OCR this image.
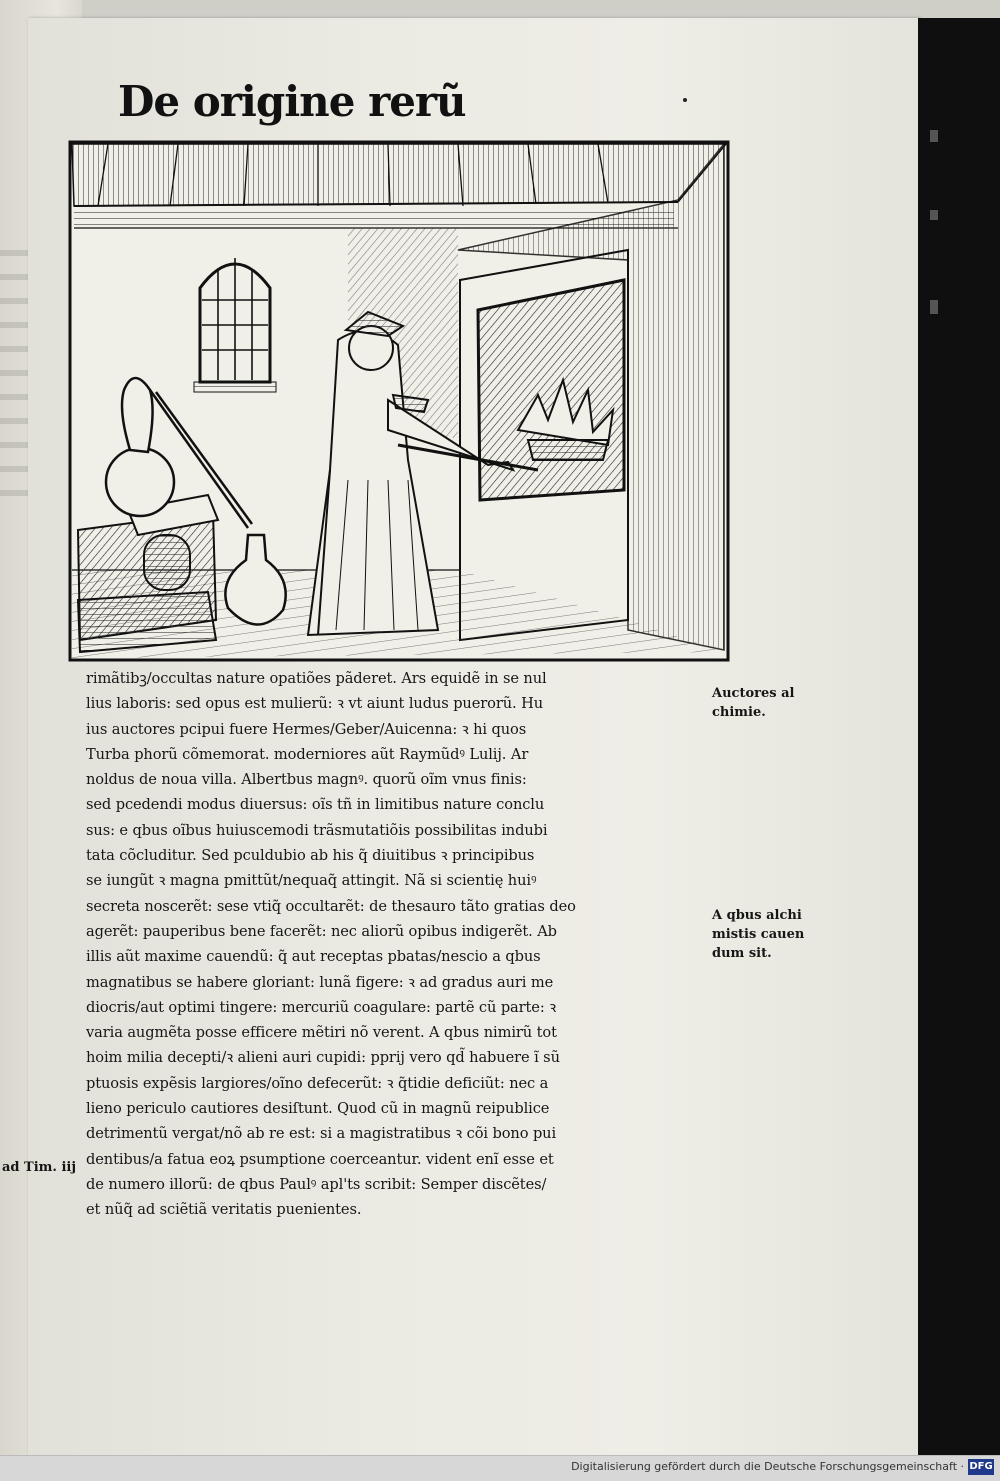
De origine rerũ
rimãtibꝫ/occultas nature opatiões pãderet. Ars equidẽ in se nul
lius laboris: sed opus est mulierũ: ꝛ vt aiunt ludus puerorũ. Hu
ius auctores pcipui fuere Hermes/Geber/Auicenna: ꝛ hi quos
Turba phorũ cõmemorat. moderniores aũt Raymũdꝰ Lulij. Ar
noldus de noua villa. Albertbus magnꝰ. quorũ oĩm vnus finis:
sed pcedendi modus diuersus: oĩs tñ in limitibus nature conclu
sus: e qbus oĩbus huiuscemodi trãsmutatiõis possibilitas indubi
tata cõcluditur. Sed pculdubio ab his q̃ diuitibus ꝛ principibus
se iungũt ꝛ magna pmittũt/nequaq̃ attingit. Nã si scientię huiꝰ
secreta noscerẽt: sese vtiq̃ occultarẽt: de thesauro tãto gratias deo
agerẽt: pauperibus bene facerẽt: nec aliorũ opibus indigerẽt. Ab
illis aũt maxime cauendũ: q̃ aut receptas pbatas/nescio a qbus
magnatibus se habere gloriant: lunã figere: ꝛ ad gradus auri me
diocris/aut optimi tingere: mercuriũ coagulare: partẽ cũ parte: ꝛ
varia augmẽta posse efficere mẽtiri nõ verent. A qbus nimirũ tot
hoim milia decepti/ꝛ alieni auri cupidi: pprij vero qd̃ habuere ĩ sũ
ptuosis expẽsis largiores/oĩno defecerũt: ꝛ q̃tidie deficiũt: nec a
lieno periculo cautiores desiſtunt. Quod cũ in magnũ reipublice
detrimentũ vergat/nõ ab re est: si a magistratibus ꝛ cõi bono pui
dentibus/a fatua eoꝝ psumptione coerceantur. vident enĩ esse et
de numero illorũ: de qbus Paulꝰ apl'ts scribit: Semper discẽtes/
et nũq̃ ad sciẽtiã veritatis puenientes.
Auctores al
chimie.
A qbus alchi
mistis cauen
dum sit.
ad Tim. iij
Digitalisierung gefördert durch die Deutsche Forschungsgemeinschaft · DFG
